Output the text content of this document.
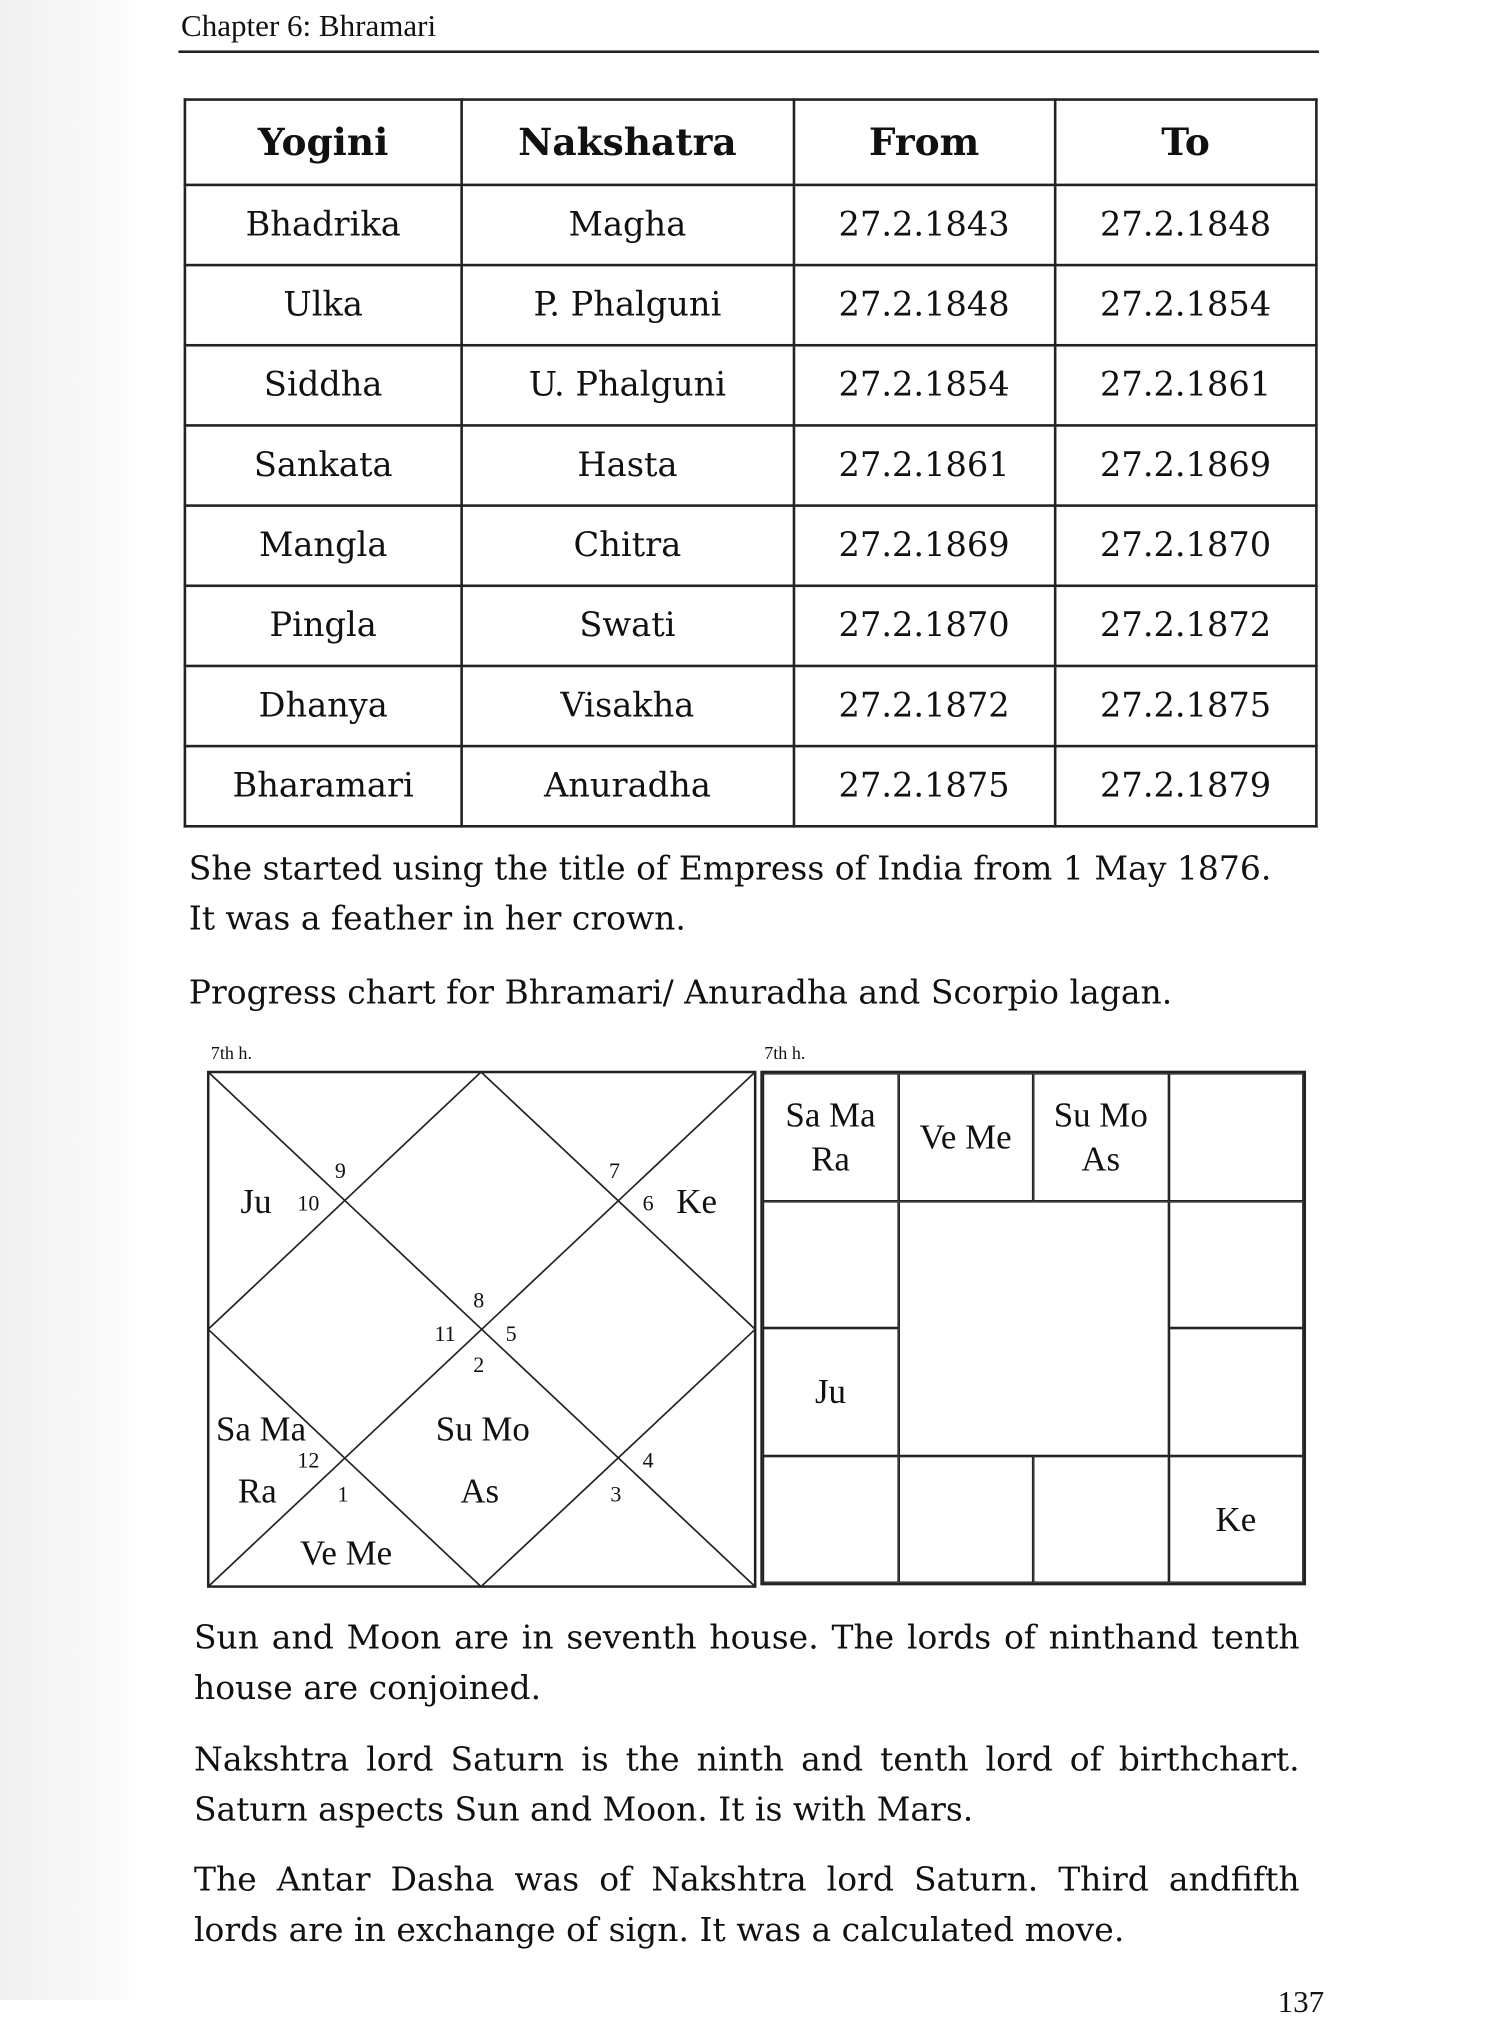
Chapter 6: Bhramari
Yogini	Nakshatra	From	To
Bhadrika	Magha	27.2.1843	27.2.1848
Ulka	P. Phalguni	27.2.1848	27.2.1854
Siddha	U. Phalguni	27.2.1854	27.2.1861
Sankata	Hasta	27.2.1861	27.2.1869
Mangla	Chitra	27.2.1869	27.2.1870
Pingla	Swati	27.2.1870	27.2.1872
Dhanya	Visakha	27.2.1872	27.2.1875
Bharamari	Anuradha	27.2.1875	27.2.1879
She started using the title of Empress of India from 1 May 1876. It was a feather in her crown.
Progress chart for Bhramari/ Anuradha and Scorpio lagan.
7th h.	7th h.
Ju 10
9	7
6 Ke
8
11	5
2
Sa Ma
12
Ra	1
Su Mo
As
4
3
Ve Me
Sa Ma Ra
Ve Me
Su Mo As
Ju
Ke
Sun and Moon are in seventh house. The lords of ninthand tenth house are conjoined.
Nakshtra lord Saturn is the ninth and tenth lord of birthchart. Saturn aspects Sun and Moon. It is with Mars.
The Antar Dasha was of Nakshtra lord Saturn. Third andfifth lords are in exchange of sign. It was a calculated move.
137
